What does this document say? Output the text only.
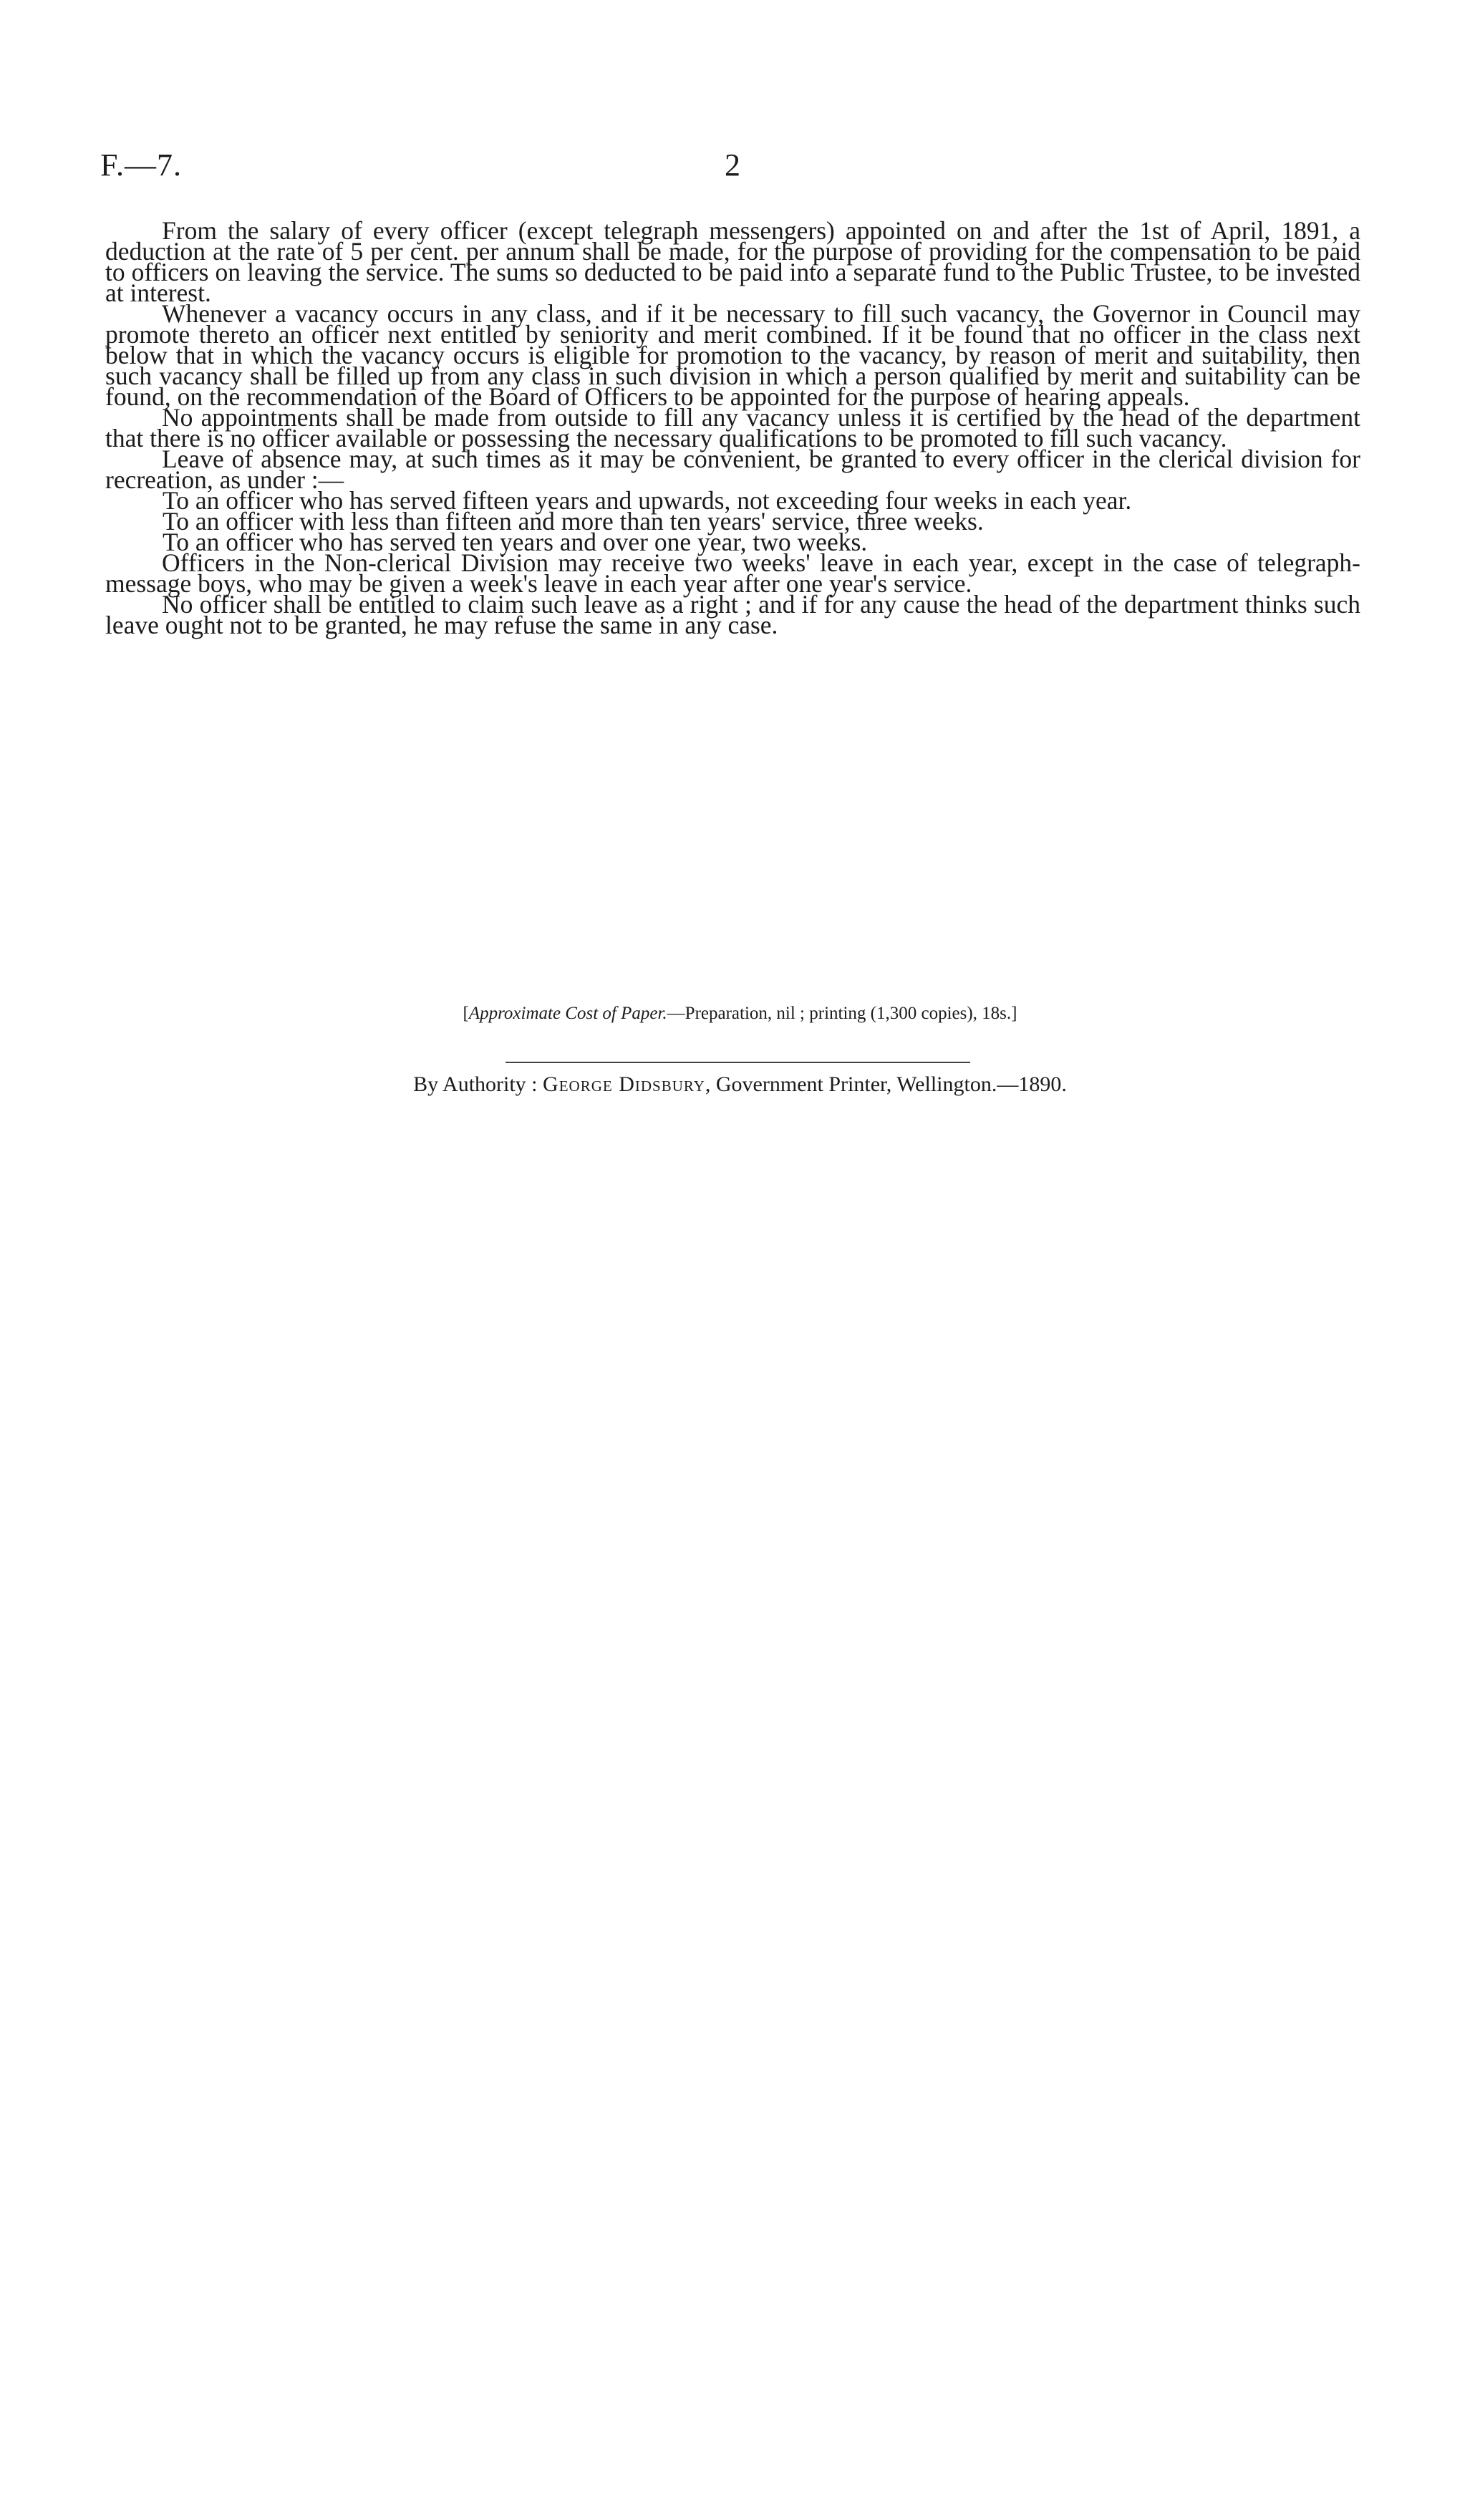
F.—7.	2

From the salary of every officer (except telegraph messengers) appointed on and after the 1st of April, 1891, a deduction at the rate of 5 per cent. per annum shall be made, for the purpose of providing for the compensation to be paid to officers on leaving the service. The sums so deducted to be paid into a separate fund to the Public Trustee, to be invested at interest.

Whenever a vacancy occurs in any class, and if it be necessary to fill such vacancy, the Governor in Council may promote thereto an officer next entitled by seniority and merit combined. If it be found that no officer in the class next below that in which the vacancy occurs is eligible for promotion to the vacancy, by reason of merit and suitability, then such vacancy shall be filled up from any class in such division in which a person qualified by merit and suitability can be found, on the recommendation of the Board of Officers to be appointed for the purpose of hearing appeals.

No appointments shall be made from outside to fill any vacancy unless it is certified by the head of the department that there is no officer available or possessing the necessary qualifications to be promoted to fill such vacancy.

Leave of absence may, at such times as it may be convenient, be granted to every officer in the clerical division for recreation, as under :—

To an officer who has served fifteen years and upwards, not exceeding four weeks in each year.
To an officer with less than fifteen and more than ten years' service, three weeks.
To an officer who has served ten years and over one year, two weeks.

Officers in the Non-clerical Division may receive two weeks' leave in each year, except in the case of telegraph-message boys, who may be given a week's leave in each year after one year's service.

No officer shall be entitled to claim such leave as a right ; and if for any cause the head of the department thinks such leave ought not to be granted, he may refuse the same in any case.

[Approximate Cost of Paper.—Preparation, nil ; printing (1,300 copies), 18s.]
By Authority : George Didsbury, Government Printer, Wellington.—1890.
